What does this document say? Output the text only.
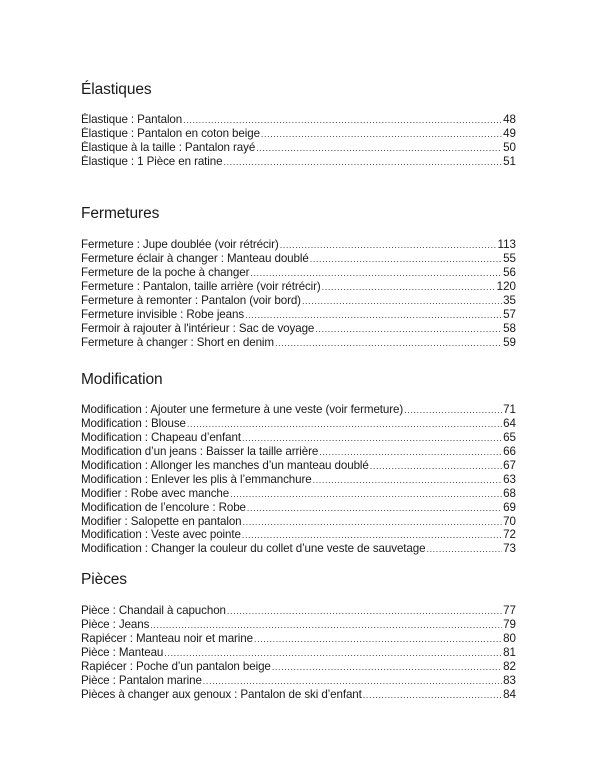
Élastiques
Élastique : Pantalon .....	48
Élastique : Pantalon en coton beige .....	49
Élastique à la taille : Pantalon rayé .....	50
Élastique : 1 Pièce en ratine .....	51
Fermetures
Fermeture : Jupe doublée (voir rétrécir) .....	113
Fermeture éclair à changer : Manteau doublé .....	55
Fermeture de la poche à changer .....	56
Fermeture : Pantalon, taille arrière (voir rétrécir) .....	120
Fermeture à remonter : Pantalon (voir bord) .....	35
Fermeture invisible : Robe jeans .....	57
Fermoir à rajouter à l'intérieur : Sac de voyage .....	58
Fermeture à changer : Short en denim .....	59
Modification
Modification : Ajouter une fermeture à une veste (voir fermeture) .....	71
Modification : Blouse .....	64
Modification : Chapeau d’enfant .....	65
Modification d’un jeans : Baisser la taille arrière .....	66
Modification : Allonger les manches d’un manteau doublé .....	67
Modification : Enlever les plis à l’emmanchure .....	63
Modifier : Robe avec manche .....	68
Modification de l’encolure : Robe .....	69
Modifier : Salopette en pantalon .....	70
Modification : Veste avec pointe .....	72
Modification : Changer la couleur du collet d’une veste de sauvetage .....	73
Pièces
Pièce : Chandail à capuchon .....	77
Pièce : Jeans .....	79
Rapiécer : Manteau noir et marine .....	80
Pièce : Manteau .....	81
Rapiécer : Poche d’un pantalon beige .....	82
Pièce : Pantalon marine .....	83
Pièces à changer aux genoux : Pantalon de ski d’enfant .....	84
